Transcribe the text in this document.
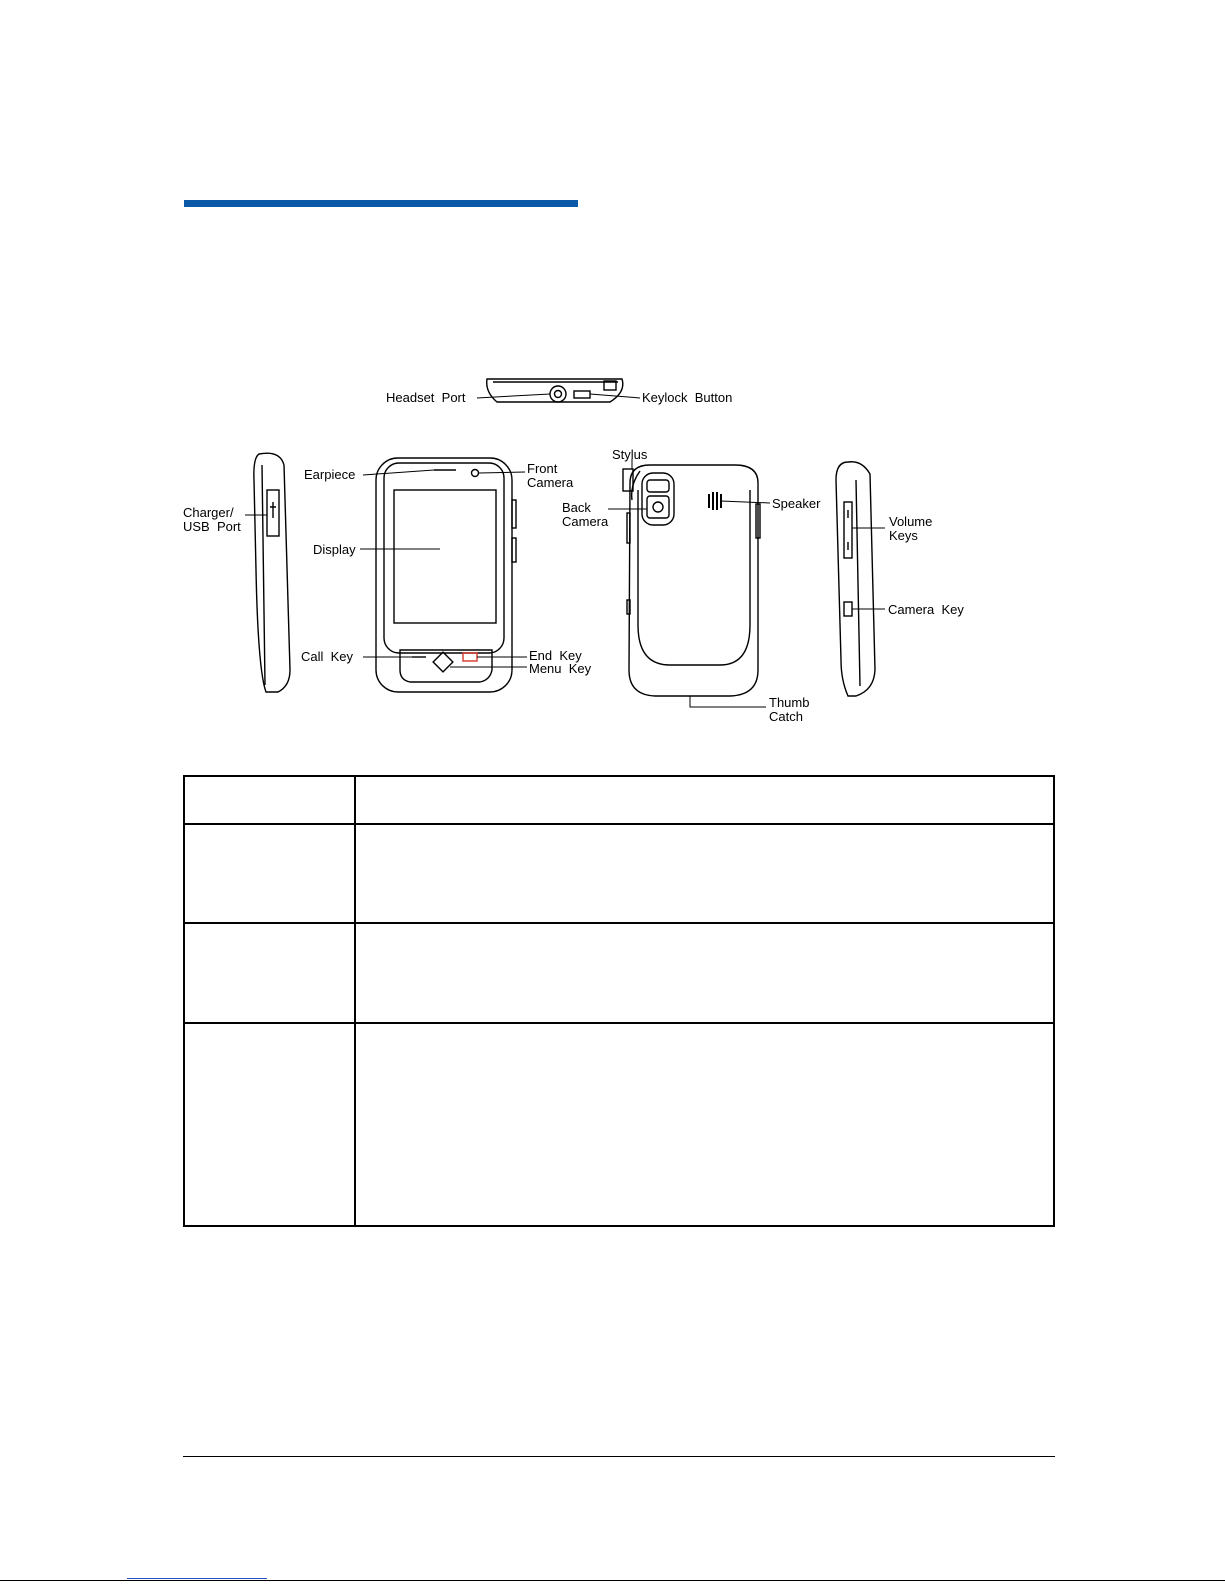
Headset  Port	Keylock  Button
Earpiece	Front
Camera
Charger/
USB  Port
Display
Call  Key	End  Key
Menu  Key
Stylus
Back
Camera
Speaker
Volume
Keys
Camera  Key
Thumb
Catch
